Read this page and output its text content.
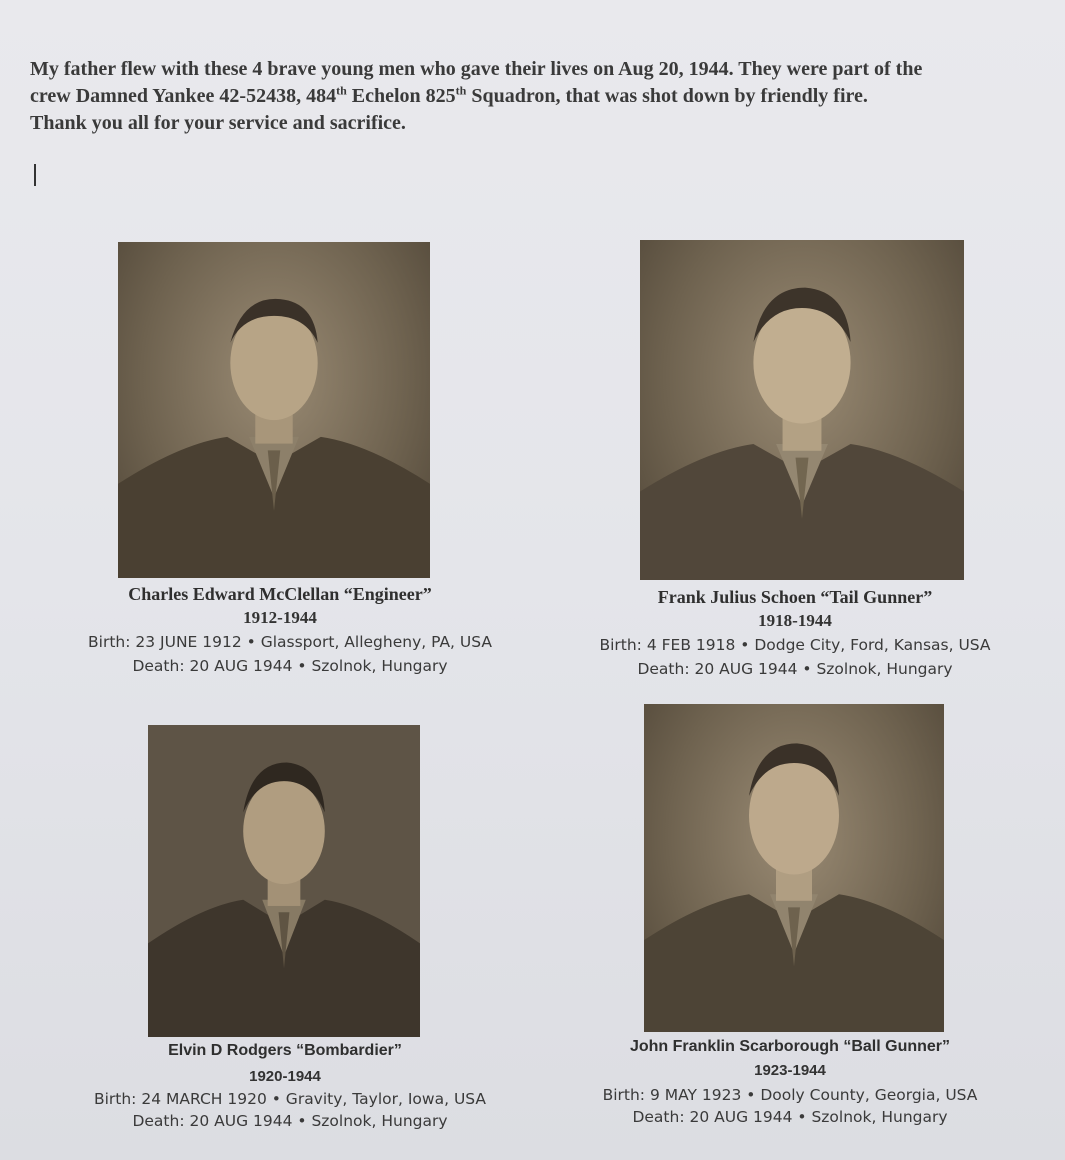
My father flew with these 4 brave young men who gave their lives on Aug 20, 1944. They were part of the
crew Damned Yankee 42-52438, 484th Echelon 825th Squadron, that was shot down by friendly fire.
Thank you all for your service and sacrifice.
Charles Edward McClellan “Engineer”
1912-1944
Birth: 23 JUNE 1912 • Glassport, Allegheny, PA, USA
Death: 20 AUG 1944 • Szolnok, Hungary
Frank Julius Schoen “Tail Gunner”
1918-1944
Birth: 4 FEB 1918 • Dodge City, Ford, Kansas, USA
Death: 20 AUG 1944 • Szolnok, Hungary
Elvin D Rodgers “Bombardier”
1920-1944
Birth: 24 MARCH 1920 • Gravity, Taylor, Iowa, USA
Death: 20 AUG 1944 • Szolnok, Hungary
John Franklin Scarborough “Ball Gunner”
1923-1944
Birth: 9 MAY 1923 • Dooly County, Georgia, USA
Death: 20 AUG 1944 • Szolnok, Hungary
